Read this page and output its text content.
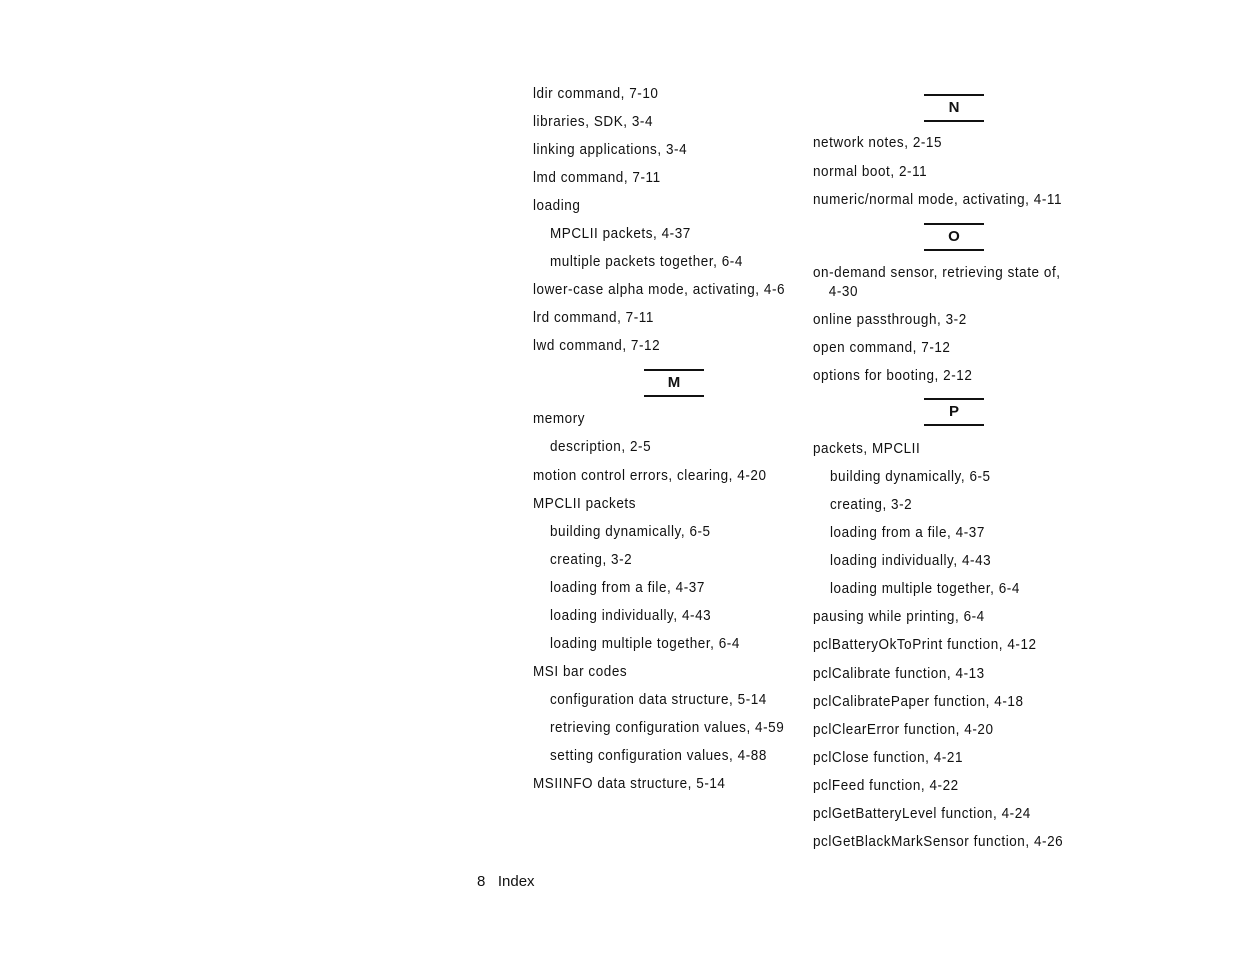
ldir command, 7-10
libraries, SDK, 3-4
linking applications, 3-4
lmd command, 7-11
loading
MPCLII packets, 4-37
multiple packets together, 6-4
lower-case alpha mode, activating, 4-6
lrd command, 7-11
lwd command, 7-12
M
memory
description, 2-5
motion control errors, clearing, 4-20
MPCLII packets
building dynamically, 6-5
creating, 3-2
loading from a file, 4-37
loading individually, 4-43
loading multiple together, 6-4
MSI bar codes
configuration data structure, 5-14
retrieving configuration values, 4-59
setting configuration values, 4-88
MSIINFO data structure, 5-14
N
network notes, 2-15
normal boot, 2-11
numeric/normal mode, activating, 4-11
O
on-demand sensor, retrieving state of,
4-30
online passthrough, 3-2
open command, 7-12
options for booting, 2-12
P
packets, MPCLII
building dynamically, 6-5
creating, 3-2
loading from a file, 4-37
loading individually, 4-43
loading multiple together, 6-4
pausing while printing, 6-4
pclBatteryOkToPrint function, 4-12
pclCalibrate function, 4-13
pclCalibratePaper function, 4-18
pclClearError function, 4-20
pclClose function, 4-21
pclFeed function, 4-22
pclGetBatteryLevel function, 4-24
pclGetBlackMarkSensor function, 4-26
8 Index
